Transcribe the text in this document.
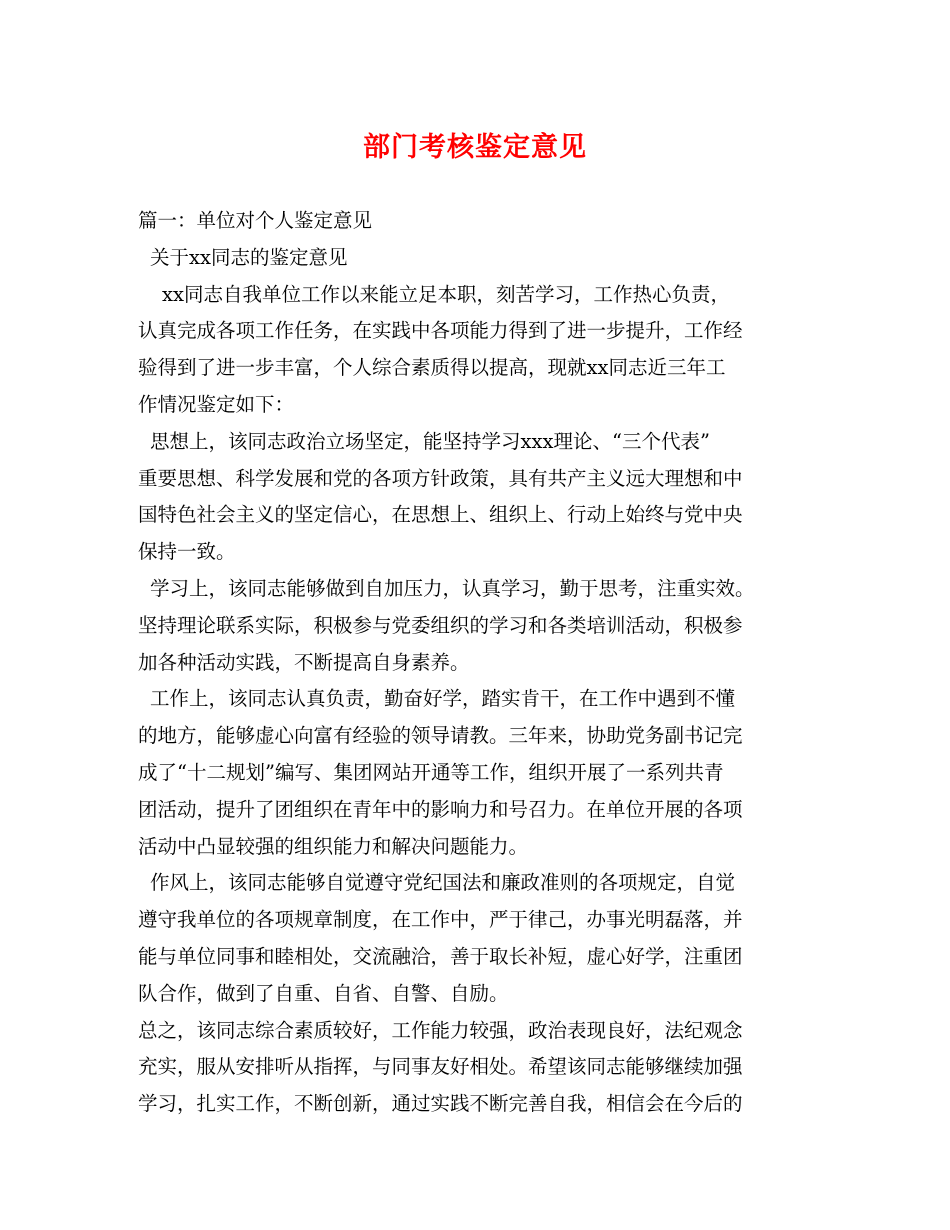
部门考核鉴定意见
篇一：单位对个人鉴定意见
关于xx同志的鉴定意见
xx同志自我单位工作以来能立足本职，刻苦学习，工作热心负责，
认真完成各项工作任务，在实践中各项能力得到了进一步提升，工作经
验得到了进一步丰富，个人综合素质得以提高，现就xx同志近三年工
作情况鉴定如下：
思想上，该同志政治立场坚定，能坚持学习xxx理论、“三个代表”
重要思想、科学发展和党的各项方针政策，具有共产主义远大理想和中
国特色社会主义的坚定信心，在思想上、组织上、行动上始终与党中央
保持一致。
学习上，该同志能够做到自加压力，认真学习，勤于思考，注重实效。
坚持理论联系实际，积极参与党委组织的学习和各类培训活动，积极参
加各种活动实践，不断提高自身素养。
工作上，该同志认真负责，勤奋好学，踏实肯干，在工作中遇到不懂
的地方，能够虚心向富有经验的领导请教。三年来，协助党务副书记完
成了“十二规划”编写、集团网站开通等工作，组织开展了一系列共青
团活动，提升了团组织在青年中的影响力和号召力。在单位开展的各项
活动中凸显较强的组织能力和解决问题能力。
作风上，该同志能够自觉遵守党纪国法和廉政准则的各项规定，自觉
遵守我单位的各项规章制度，在工作中，严于律己，办事光明磊落，并
能与单位同事和睦相处，交流融洽，善于取长补短，虚心好学，注重团
队合作，做到了自重、自省、自警、自励。
总之，该同志综合素质较好，工作能力较强，政治表现良好，法纪观念
充实，服从安排听从指挥，与同事友好相处。希望该同志能够继续加强
学习，扎实工作，不断创新，通过实践不断完善自我，相信会在今后的
